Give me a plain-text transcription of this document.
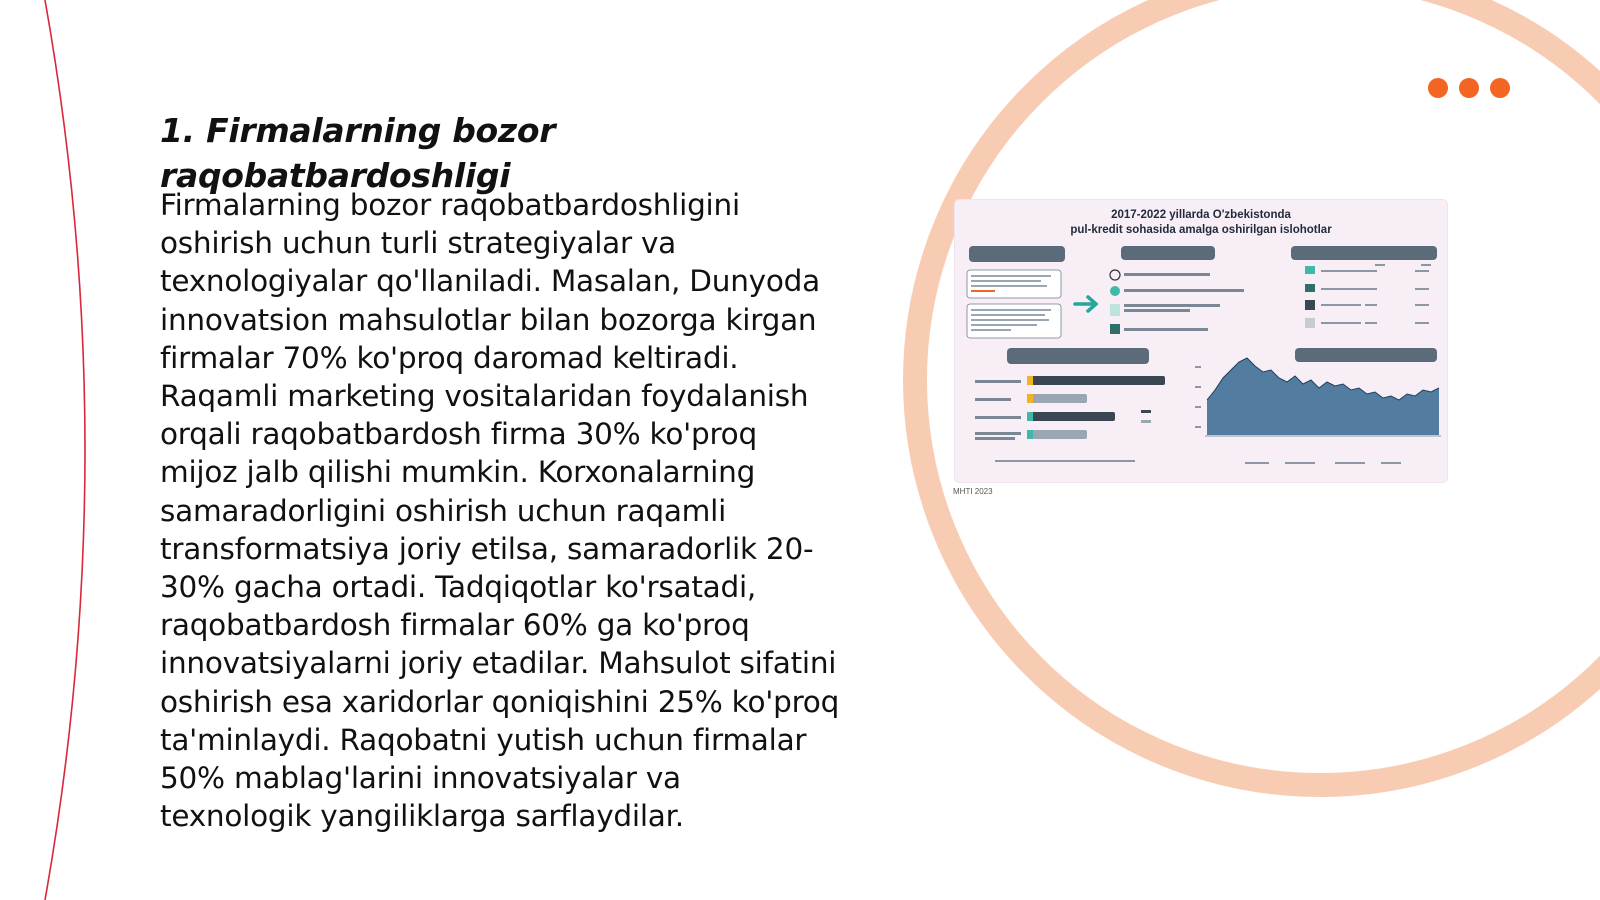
1. Firmalarning bozor raqobatbardoshligi

Firmalarning bozor raqobatbardoshligini oshirish uchun turli strategiyalar va texnologiyalar qo'llaniladi. Masalan, Dunyoda innovatsion mahsulotlar bilan bozorga kirgan firmalar 70% ko'proq daromad keltiradi. Raqamli marketing vositalaridan foydalanish orqali raqobatbardosh firma 30% ko'proq mijoz jalb qilishi mumkin. Korxonalarning samaradorligini oshirish uchun raqamli transformatsiya joriy etilsa, samaradorlik 20-30% gacha ortadi. Tadqiqotlar ko'rsatadi, raqobatbardosh firmalar 60% ga ko'proq innovatsiyalarni joriy etadilar. Mahsulot sifatini oshirish esa xaridorlar qoniqishini 25% ko'proq ta'minlaydi. Raqobatni yutish uchun firmalar 50% mablag'larini innovatsiyalar va texnologik yangiliklarga sarflaydilar.

2017-2022 yillarda O'zbekistonda
pul-kredit sohasida amalga oshirilgan islohotlar
MHTI 2023
